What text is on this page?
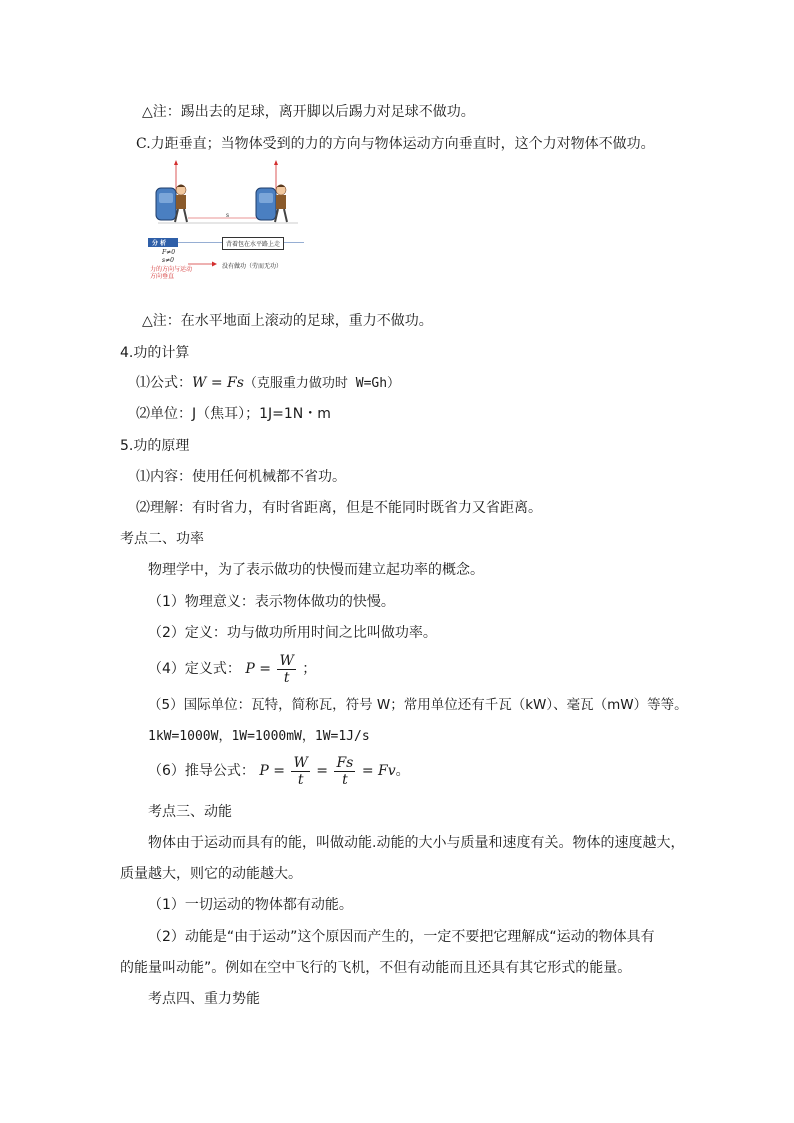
△注：踢出去的足球，离开脚以后踢力对足球不做功。
C.力距垂直；当物体受到的力的方向与物体运动方向垂直时，这个力对物体不做功。
s
分 析	背着包在水平路上走
F≠0
s≠0
力的方向与运动方向垂直
没有做功（劳而无功）
△注：在水平地面上滚动的足球，重力不做功。
4.功的计算
⑴公式：W = Fs（克服重力做功时 W=Gh）
⑵单位：J（焦耳）；1J=1N・m
5.功的原理
⑴内容：使用任何机械都不省功。
⑵理解：有时省力，有时省距离，但是不能同时既省力又省距离。
考点二、功率
物理学中，为了表示做功的快慢而建立起功率的概念。
（1）物理意义：表示物体做功的快慢。
（2）定义：功与做功所用时间之比叫做功率。
（4）定义式： $P = \frac{W}{t}$ ；
（5）国际单位：瓦特，简称瓦，符号 W；常用单位还有千瓦（kW）、毫瓦（mW）等等。
1kW=1000W，1W=1000mW，1W=1J/s
（6）推导公式： $P = \frac{W}{t} = \frac{Fs}{t} = Fv$。
考点三、动能
物体由于运动而具有的能，叫做动能.动能的大小与质量和速度有关。物体的速度越大，
质量越大，则它的动能越大。
（1）一切运动的物体都有动能。
（2）动能是“由于运动”这个原因而产生的，一定不要把它理解成“运动的物体具有
的能量叫动能”。例如在空中飞行的飞机，不但有动能而且还具有其它形式的能量。
考点四、重力势能
